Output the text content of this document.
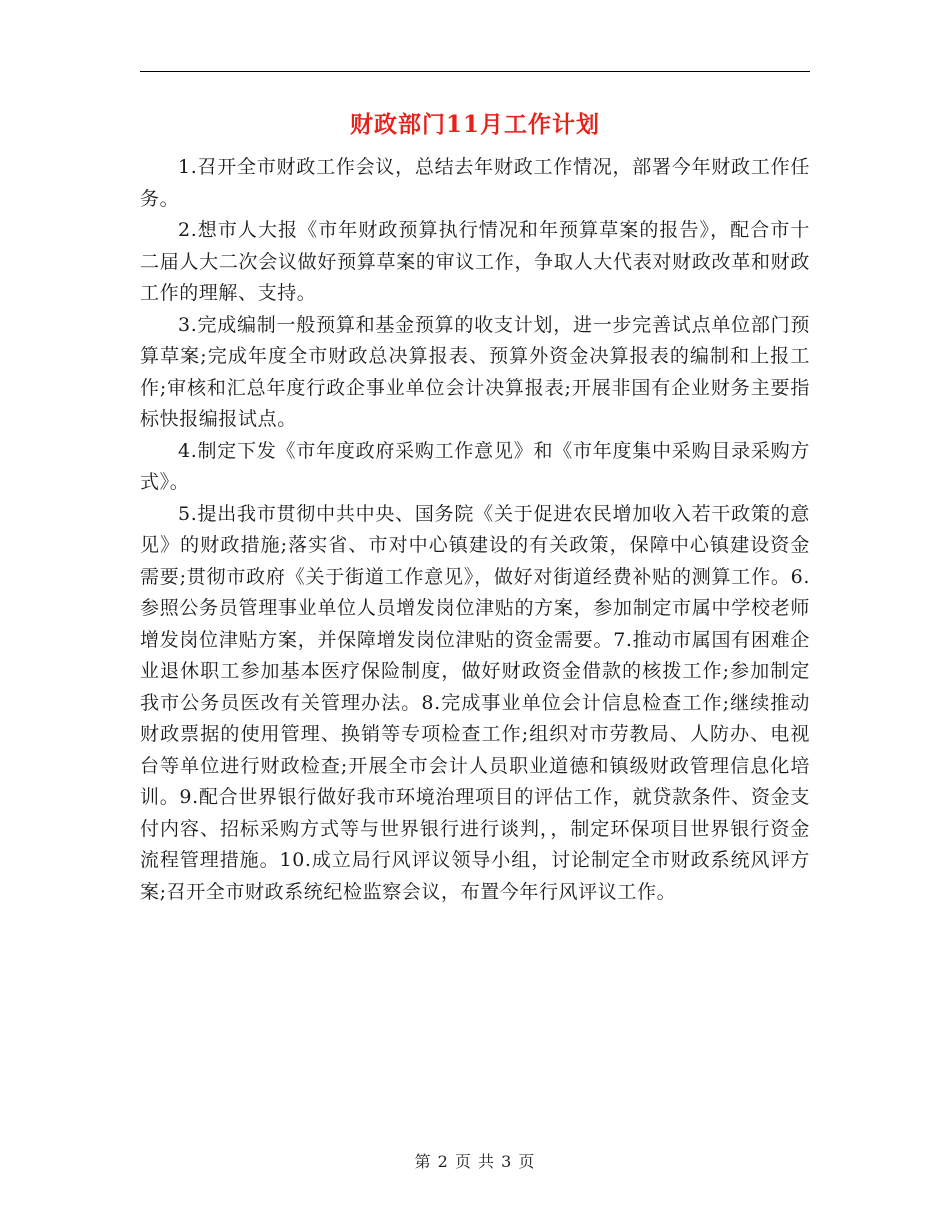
财政部门11月工作计划

1.召开全市财政工作会议，总结去年财政工作情况，部署今年财政工作任务。

2.想市人大报《市年财政预算执行情况和年预算草案的报告》，配合市十二届人大二次会议做好预算草案的审议工作，争取人大代表对财政改革和财政工作的理解、支持。

3.完成编制一般预算和基金预算的收支计划，进一步完善试点单位部门预算草案;完成年度全市财政总决算报表、预算外资金决算报表的编制和上报工作;审核和汇总年度行政企事业单位会计决算报表;开展非国有企业财务主要指标快报编报试点。

4.制定下发《市年度政府采购工作意见》和《市年度集中采购目录采购方式》。

5.提出我市贯彻中共中央、国务院《关于促进农民增加收入若干政策的意见》的财政措施;落实省、市对中心镇建设的有关政策，保障中心镇建设资金需要;贯彻市政府《关于街道工作意见》，做好对街道经费补贴的测算工作。6.参照公务员管理事业单位人员增发岗位津贴的方案，参加制定市属中学校老师增发岗位津贴方案，并保障增发岗位津贴的资金需要。7.推动市属国有困难企业退休职工参加基本医疗保险制度，做好财政资金借款的核拨工作;参加制定我市公务员医改有关管理办法。8.完成事业单位会计信息检查工作;继续推动财政票据的使用管理、换销等专项检查工作;组织对市劳教局、人防办、电视台等单位进行财政检查;开展全市会计人员职业道德和镇级财政管理信息化培训。9.配合世界银行做好我市环境治理项目的评估工作，就贷款条件、资金支付内容、招标采购方式等与世界银行进行谈判，，制定环保项目世界银行资金流程管理措施。10.成立局行风评议领导小组，讨论制定全市财政系统风评方案;召开全市财政系统纪检监察会议，布置今年行风评议工作。

第 2 页 共 3 页
